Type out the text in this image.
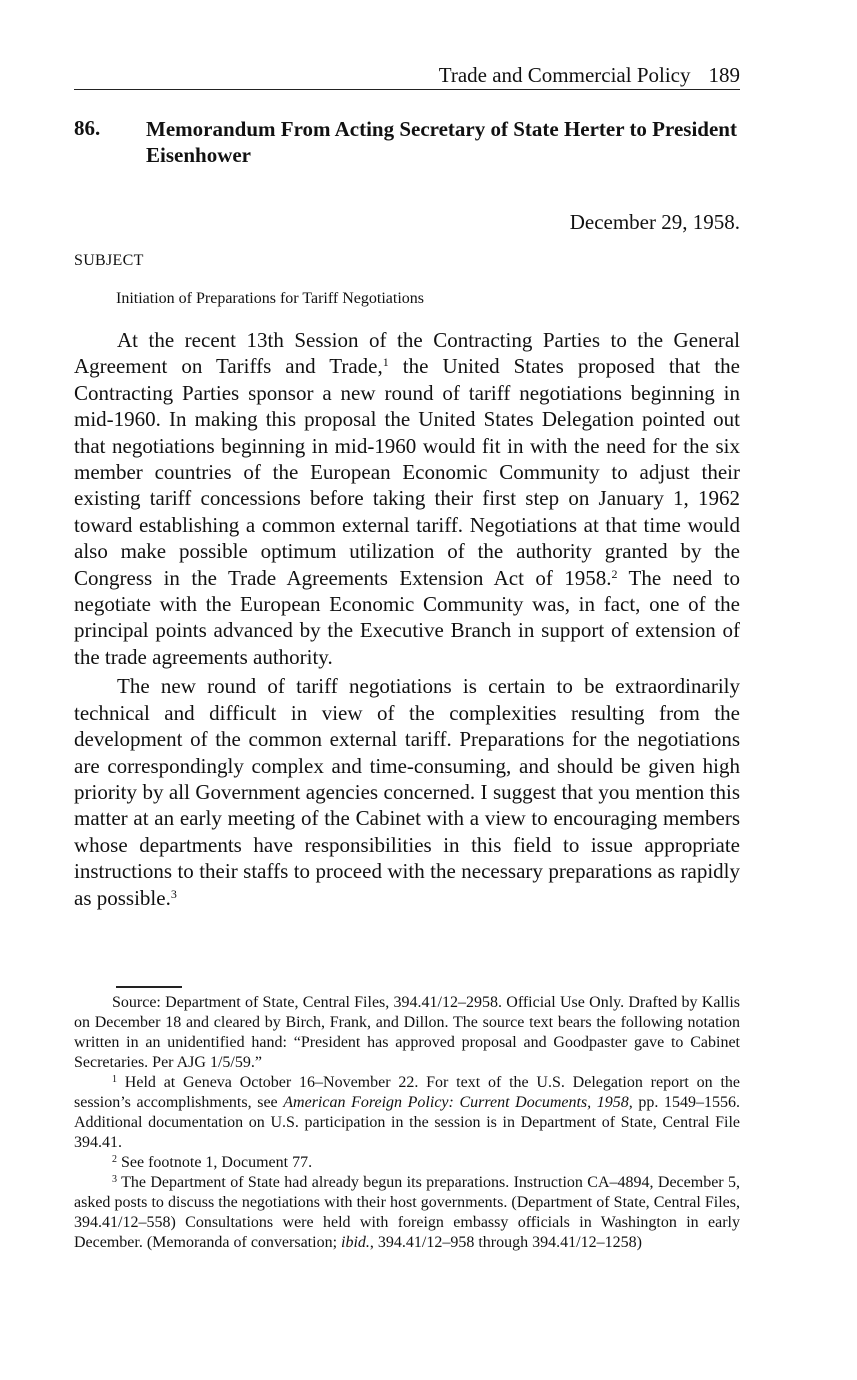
Trade and Commercial Policy 189
86. Memorandum From Acting Secretary of State Herter to President Eisenhower
December 29, 1958.
SUBJECT
Initiation of Preparations for Tariff Negotiations

At the recent 13th Session of the Contracting Parties to the General Agreement on Tariffs and Trade,$^1$ the United States proposed that the Contracting Parties sponsor a new round of tariff negotiations beginning in mid-1960. In making this proposal the United States Delegation pointed out that negotiations beginning in mid-1960 would fit in with the need for the six member countries of the European Economic Community to adjust their existing tariff concessions before taking their first step on January 1, 1962 toward establishing a common external tariff. Negotiations at that time would also make possible optimum utilization of the authority granted by the Congress in the Trade Agreements Extension Act of 1958.$^2$ The need to negotiate with the European Economic Community was, in fact, one of the principal points advanced by the Executive Branch in support of extension of the trade agreements authority.

The new round of tariff negotiations is certain to be extraordinarily technical and difficult in view of the complexities resulting from the development of the common external tariff. Preparations for the negotiations are correspondingly complex and time-consuming, and should be given high priority by all Government agencies concerned. I suggest that you mention this matter at an early meeting of the Cabinet with a view to encouraging members whose departments have responsibilities in this field to issue appropriate instructions to their staffs to proceed with the necessary preparations as rapidly as possible.$^3$

Source: Department of State, Central Files, 394.41/12–2958. Official Use Only. Drafted by Kallis on December 18 and cleared by Birch, Frank, and Dillon. The source text bears the following notation written in an unidentified hand: “President has approved proposal and Goodpaster gave to Cabinet Secretaries. Per AJG 1/5/59.”

$^1$ Held at Geneva October 16–November 22. For text of the U.S. Delegation report on the session’s accomplishments, see American Foreign Policy: Current Documents, 1958, pp. 1549–1556. Additional documentation on U.S. participation in the session is in Department of State, Central File 394.41.

$^2$ See footnote 1, Document 77.

$^3$ The Department of State had already begun its preparations. Instruction CA–4894, December 5, asked posts to discuss the negotiations with their host governments. (Department of State, Central Files, 394.41/12–558) Consultations were held with foreign embassy officials in Washington in early December. (Memoranda of conversation; ibid., 394.41/12–958 through 394.41/12–1258)
